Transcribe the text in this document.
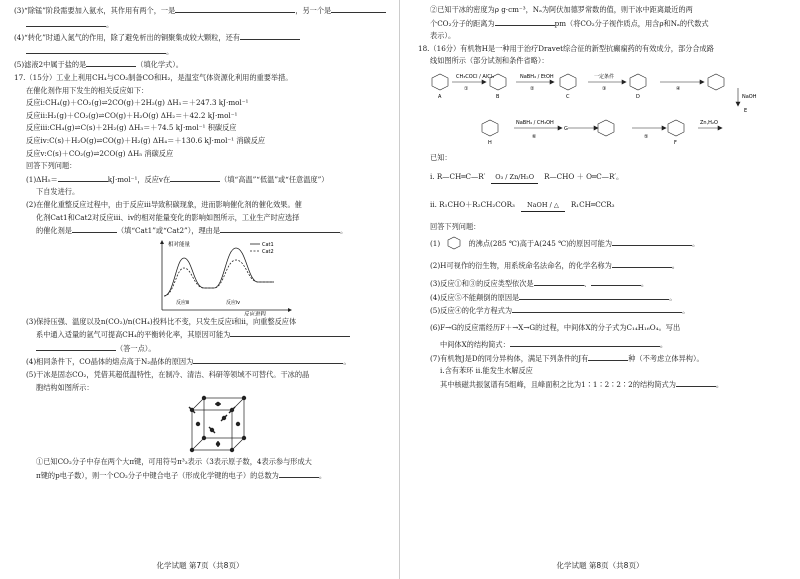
(3)“除锰”阶段需要加入氨水，其作用有两个，一是	，另一个是

。

(4)“转化”时通入氮气的作用，除了避免析出的铜聚集成较大颗粒，还有

。

(5)滤液2中属于盐的是	（填化学式）。

17.（15分）工业上利用CH₄与CO₂制备CO和H₂，是温室气体资源化利用的重要举措。

在催化剂作用下发生的相关反应如下：

反应ⅰ:CH₄(g)＋CO₂(g)⇌2CO(g)＋2H₂(g) ΔH₁＝＋247.3 kJ·mol⁻¹

反应ⅱ:H₂(g)＋CO₂(g)⇌CO(g)＋H₂O(g) ΔH₂＝＋42.2 kJ·mol⁻¹

反应ⅲ:CH₄(g)⇌C(s)＋2H₂(g) ΔH₃＝＋74.5 kJ·mol⁻¹ 积碳反应

反应ⅳ:C(s)＋H₂O(g)⇌CO(g)＋H₂(g) ΔH₄＝＋130.6 kJ·mol⁻¹ 消碳反应

反应ⅴ:C(s)＋CO₂(g)⇌2CO(g) ΔH₅ 消碳反应

回答下列问题：

(1)ΔH₅＝	kJ·mol⁻¹，反应ⅴ在	（填“高温”“低温”或“任意温度”）

下自发进行。

(2)在催化重整反应过程中，由于反应ⅲ导致积碳现象，进而影响催化剂的催化效果。催

化剂Cat1和Cat2对反应ⅲ、ⅳ的相对能量变化的影响如图所示，工业生产时应选择

的催化剂是	（填“Cat1”或“Cat2”），理由是	。

相对能量
反应进程
Cat1
Cat2
反应ⅲ	反应ⅳ

(3)保持压强、温度以及n(CO₂)/n(CH₄)投料比不变，只发生反应ⅰ和ⅱ，向重整反应体

系中通入适量的氩气可提高CH₄的平衡转化率，其原因可能为

（答一点）。

(4)相同条件下，CO晶体的熔点高于N₂晶体的原因为	。

(5)干冰是固态CO₂，凭借其超低温特性，在制冷、清洁、科研等领域不可替代。干冰的晶

胞结构如图所示：

①已知CO₂分子中存在两个大π键，可用符号π³₃表示（3表示原子数，4表示参与形成大

π键的p电子数），则一个CO₂分子中键合电子（形成化学键的电子）的总数为	。

化学试题 第7页（共8页）

②已知干冰的密度为ρ g·cm⁻³，Nₐ为阿伏加德罗常数的值，则干冰中距离最近的两

个CO₂分子的距离为	pm（将CO₂分子视作质点，用含ρ和Nₐ的代数式

表示）。

18.（16分）有机物H是一种用于治疗Dravet综合征的新型抗癫痫药的有效成分，部分合成路

线如图所示（部分试剂和条件省略）：

CH₃COCl / AlCl₃	NaBH₄ / EtOH	一定条件
NaOH
NaBH₄ / CH₃OH	Zn,H₂O
A	B	C	D
E
F
G
H
①	②	③	④
⑤
⑥

已知：

ⅰ. R—CH═C—R′	O₃ / Zn/H₂O	R—CHO ＋ O═C—R′。
ⅱ. R₁CHO＋R₂CH₂COR₃	NaOH / △	R₁CH═CCR₃

回答下列问题：

(1)	的沸点(285 ℃)高于A(245 ℃)的原因可能为	。

(2)H可视作的衍生物，用系统命名法命名，的化学名称为	。

(3)反应①和③的反应类型依次是	、	。

(4)反应⑤不能颠倒的原因是	。

(5)反应④的化学方程式为	。

(6)F→G的反应需经历F＋→X→G的过程，中间体X的分子式为C₁₄H₁₆O₄。写出

中间体X的结构简式：	。

(7)有机物J是D的同分异构体，满足下列条件的J有	种（不考虑立体异构）。

ⅰ.含有苯环 ⅱ.能发生水解反应

其中核磁共振氢谱有5组峰，且峰面积之比为1∶1∶2∶2∶2的结构简式为	。

化学试题 第8页（共8页）
